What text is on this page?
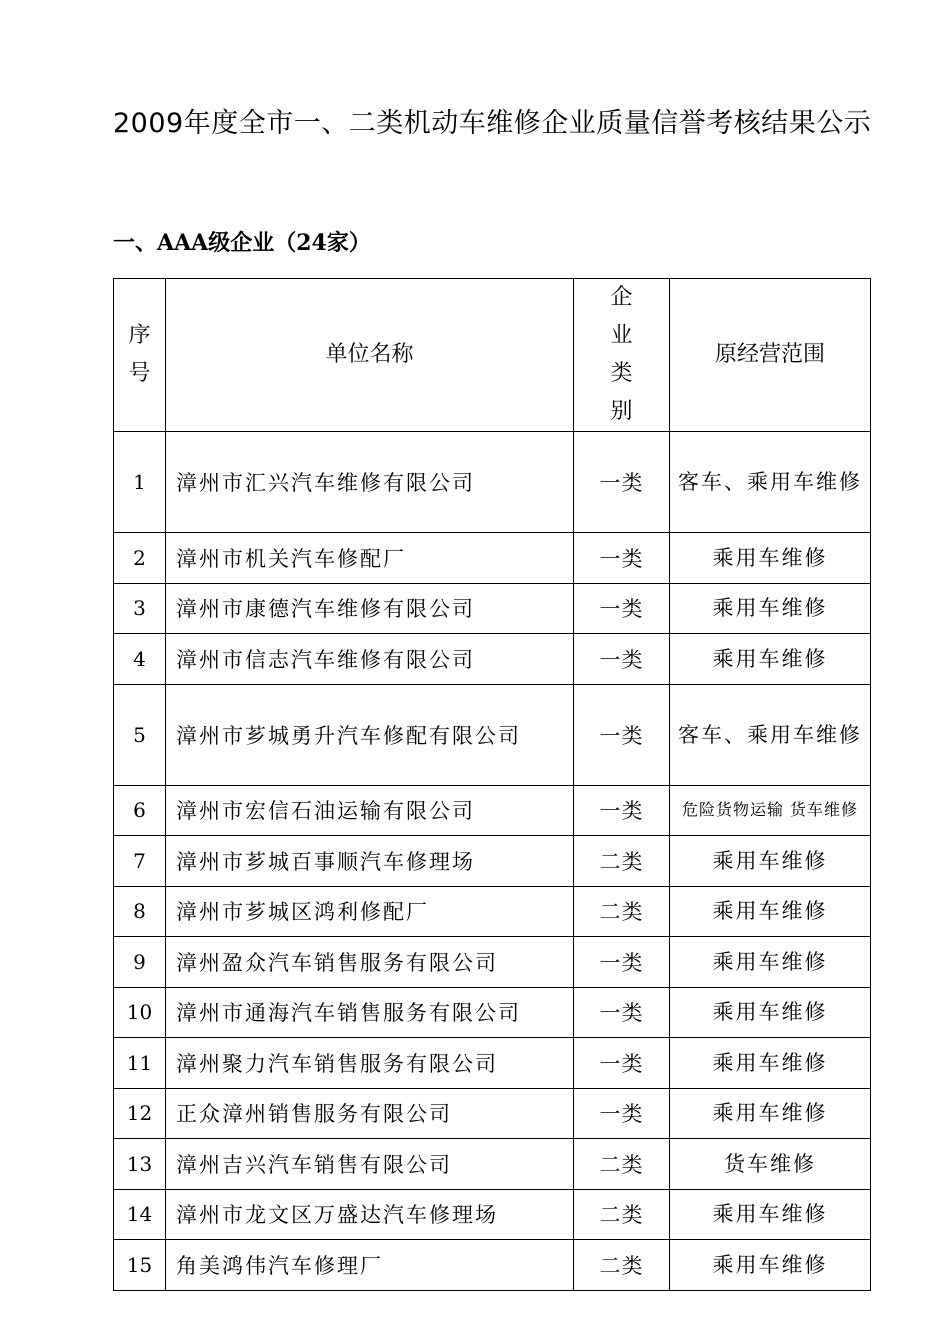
2009年度全市一、二类机动车维修企业质量信誉考核结果公示
一、AAA级企业（24家）
序号	单位名称	企业类别	原经营范围
1	漳州市汇兴汽车维修有限公司	一类	客车、乘用车维修
2	漳州市机关汽车修配厂	一类	乘用车维修
3	漳州市康德汽车维修有限公司	一类	乘用车维修
4	漳州市信志汽车维修有限公司	一类	乘用车维修
5	漳州市芗城勇升汽车修配有限公司	一类	客车、乘用车维修
6	漳州市宏信石油运输有限公司	一类	危险货物运输 货车维修
7	漳州市芗城百事顺汽车修理场	二类	乘用车维修
8	漳州市芗城区鸿利修配厂	二类	乘用车维修
9	漳州盈众汽车销售服务有限公司	一类	乘用车维修
10	漳州市通海汽车销售服务有限公司	一类	乘用车维修
11	漳州聚力汽车销售服务有限公司	一类	乘用车维修
12	正众漳州销售服务有限公司	一类	乘用车维修
13	漳州吉兴汽车销售有限公司	二类	货车维修
14	漳州市龙文区万盛达汽车修理场	二类	乘用车维修
15	角美鸿伟汽车修理厂	二类	乘用车维修
